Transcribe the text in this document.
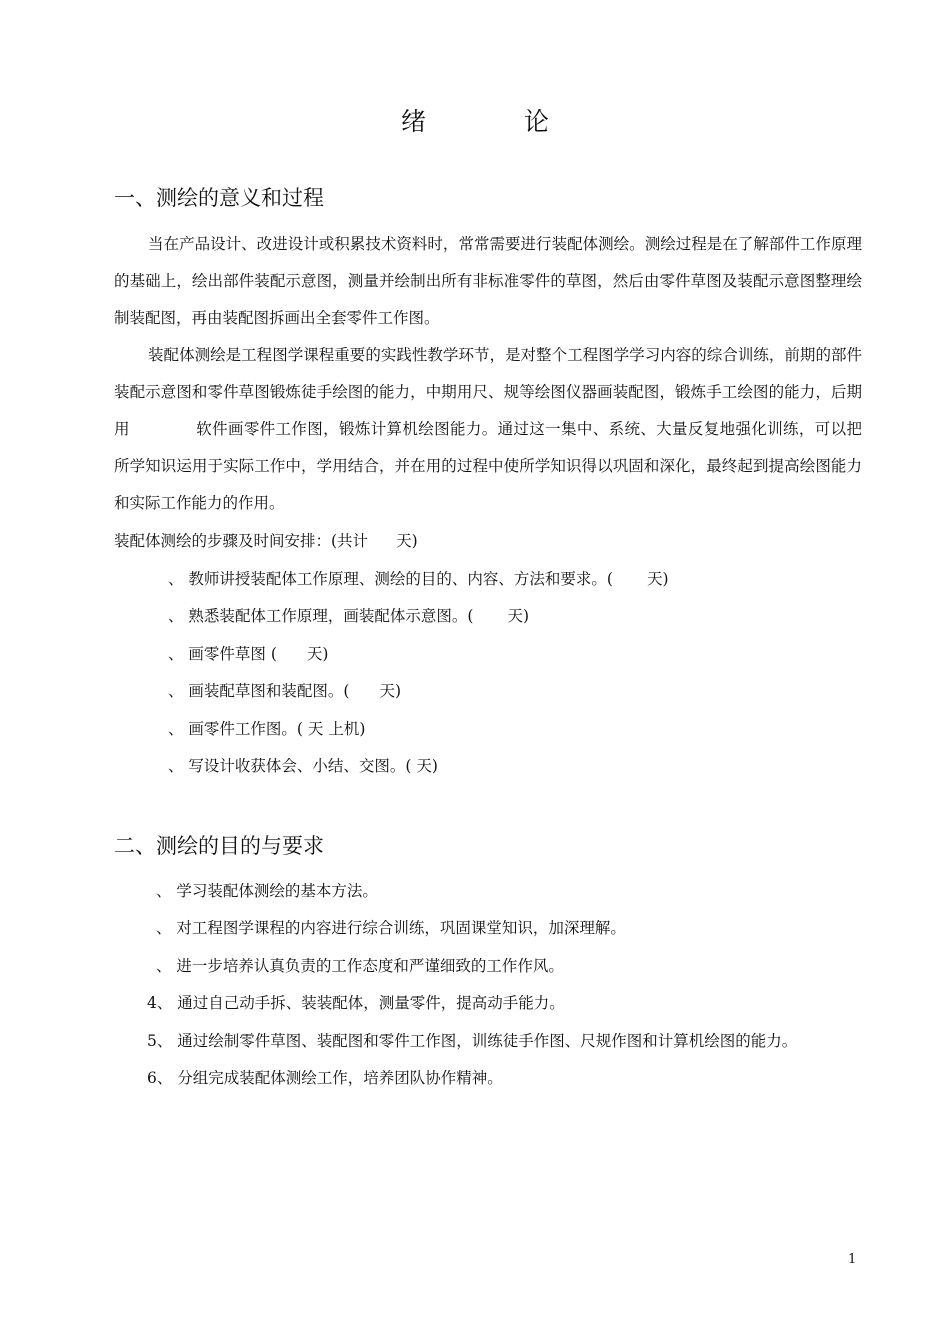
绪	论
一、测绘的意义和过程

当在产品设计、改进设计或积累技术资料时，常常需要进行装配体测绘。测绘过程是在了解部件工作原理的基础上，绘出部件装配示意图，测量并绘制出所有非标准零件的草图，然后由零件草图及装配示意图整理绘制装配图，再由装配图拆画出全套零件工作图。

装配体测绘是工程图学课程重要的实践性教学环节，是对整个工程图学学习内容的综合训练，前期的部件装配示意图和零件草图锻炼徒手绘图的能力，中期用尺、规等绘图仪器画装配图，锻炼手工绘图的能力，后期用	软件画零件工作图，锻炼计算机绘图能力。通过这一集中、系统、大量反复地强化训练，可以把所学知识运用于实际工作中，学用结合，并在用的过程中使所学知识得以巩固和深化，最终起到提高绘图能力和实际工作能力的作用。

装配体测绘的步骤及时间安排：(共计 天)
、 教师讲授装配体工作原理、测绘的目的、内容、方法和要求。( 天)
、 熟悉装配体工作原理，画装配体示意图。( 天)
、 画零件草图 ( 天)
、 画装配草图和装配图。( 天)
、 画零件工作图。( 天 上机)
、 写设计收获体会、小结、交图。( 天)
二、测绘的目的与要求
、 学习装配体测绘的基本方法。
、 对工程图学课程的内容进行综合训练，巩固课堂知识，加深理解。
、 进一步培养认真负责的工作态度和严谨细致的工作作风。
4、 通过自己动手拆、装装配体，测量零件，提高动手能力。
5、 通过绘制零件草图、装配图和零件工作图，训练徒手作图、尺规作图和计算机绘图的能力。
6、 分组完成装配体测绘工作，培养团队协作精神。
1
